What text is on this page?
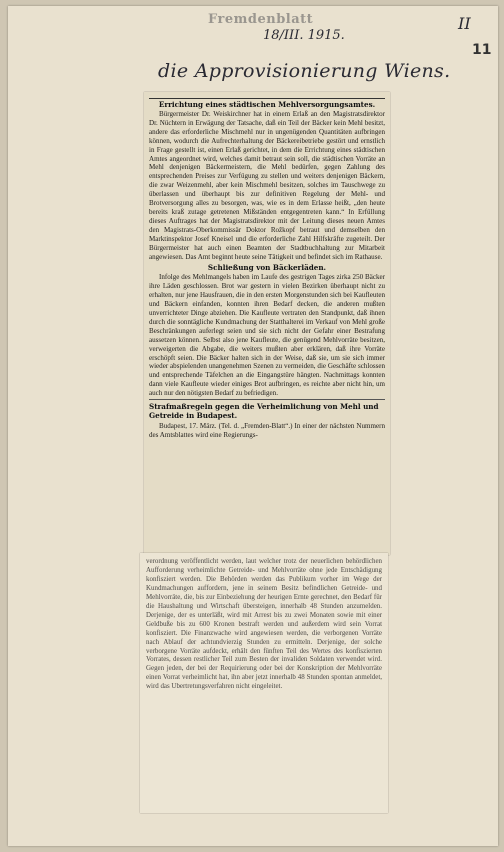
Fremdenblatt	II
18/III. 1915.
11
die Approvisionierung Wiens.

Errichtung eines städtischen Mehlversorgungsamtes.

Bürgermeister Dr. Weiskirchner hat in einem Erlaß an den Magistratsdirektor Dr. Nüchtern in Erwägung der Tatsache, daß ein Teil der Bäcker kein Mehl besitzt, andere das erforderliche Mischmehl nur in ungenügenden Quantitäten aufbringen können, wodurch die Aufrechterhaltung der Bäckereibetriebe gestört und ernstlich in Frage gestellt ist, einen Erlaß gerichtet, in dem die Errichtung eines städtischen Amtes angeordnet wird, welches damit betraut sein soll, die städtischen Vorräte an Mehl denjenigen Bäckermeistern, die Mehl bedürfen, gegen Zahlung des entsprechenden Preises zur Verfügung zu stellen und weiters denjenigen Bäckern, die zwar Weizenmehl, aber kein Mischmehl besitzen, solches im Tauschwege zu überlassen und überhaupt bis zur definitiven Regelung der Mehl- und Brotversorgung alles zu besorgen, was, wie es in dem Erlasse heißt, „den heute bereits kraß zutage getretenen Mißständen entgegentreten kann.“ In Erfüllung dieses Auftrages hat der Magistratsdirektor mit der Leitung dieses neuen Amtes den Magistrats-Oberkommissär Doktor Rožkopf betraut und demselben den Marktinspektor Josef Kneisel und die erforderliche Zahl Hilfskräfte zugeteilt. Der Bürgermeister hat auch einen Beamten der Stadtbuchhaltung zur Mitarbeit angewiesen. Das Amt beginnt heute seine Tätigkeit und befindet sich im Rathause.

Schließung von Bäckerläden.

Infolge des Mehlmangels haben im Laufe des gestrigen Tages zirka 250 Bäcker ihre Läden geschlossen. Brot war gestern in vielen Bezirken überhaupt nicht zu erhalten, nur jene Hausfrauen, die in den ersten Morgenstunden sich bei Kaufleuten und Bäckern einfanden, konnten ihren Bedarf decken, die anderen mußten unverrichteter Dinge abziehen. Die Kaufleute vertraten den Standpunkt, daß ihnen durch die sonntägliche Kundmachung der Statthalterei im Verkauf von Mehl große Beschränkungen auferlegt seien und sie sich nicht der Gefahr einer Bestrafung aussetzen können. Selbst also jene Kaufleute, die genügend Mehlvorräte besitzen, verweigerten die Abgabe, die weiters mußten aber erklären, daß ihre Vorräte erschöpft seien. Die Bäcker halten sich in der Weise, daß sie, um sie sich immer wieder abspielenden unangenehmen Szenen zu vermeiden, die Geschäfte schlossen und entsprechende Täfelchen an die Eingangstüre hängten. Nachmittags konnten dann viele Kaufleute wieder einiges Brot aufbringen, es reichte aber nicht hin, um auch nur den nötigsten Bedarf zu befriedigen.

Strafmaßregeln gegen die Verheimlichung von Mehl und Getreide in Budapest.

Budapest, 17. März. (Tel. d. „Fremden-Blatt“.) In einer der nächsten Nummern des Amtsblattes wird eine Regierungs-

verordnung veröffentlicht werden, laut welcher trotz der neuerlichen behördlichen Aufforderung verheimlichte Getreide- und Mehlvorräte ohne jede Entschädigung konfisziert werden. Die Behörden werden das Publikum vorher im Wege der Kundmachungen auffordern, jene in seinem Besitz befindlichen Getreide- und Mehlvorräte, die, bis zur Einbeziehung der heurigen Ernte gerechnet, den Bedarf für die Haushaltung und Wirtschaft übersteigen, innerhalb 48 Stunden anzumelden. Derjenige, der es unterläßt, wird mit Arrest bis zu zwei Monaten sowie mit einer Geldbuße bis zu 600 Kronen bestraft werden und außerdem wird sein Vorrat konfisziert. Die Finanzwache wird angewiesen werden, die verborgenen Vorräte nach Ablauf der achtundvierzig Stunden zu ermitteln. Derjenige, der solche verborgene Vorräte aufdeckt, erhält den fünften Teil des Wertes des konfiszierten Vorrates, dessen restlicher Teil zum Besten der invaliden Soldaten verwendet wird. Gegen jeden, der bei der Requirierung oder bei der Konskription der Mehlvorräte einen Vorrat verheimlicht hat, ihn aber jetzt innerhalb 48 Stunden spontan anmeldet, wird das Ubertretungsverfahren nicht eingeleitet.
